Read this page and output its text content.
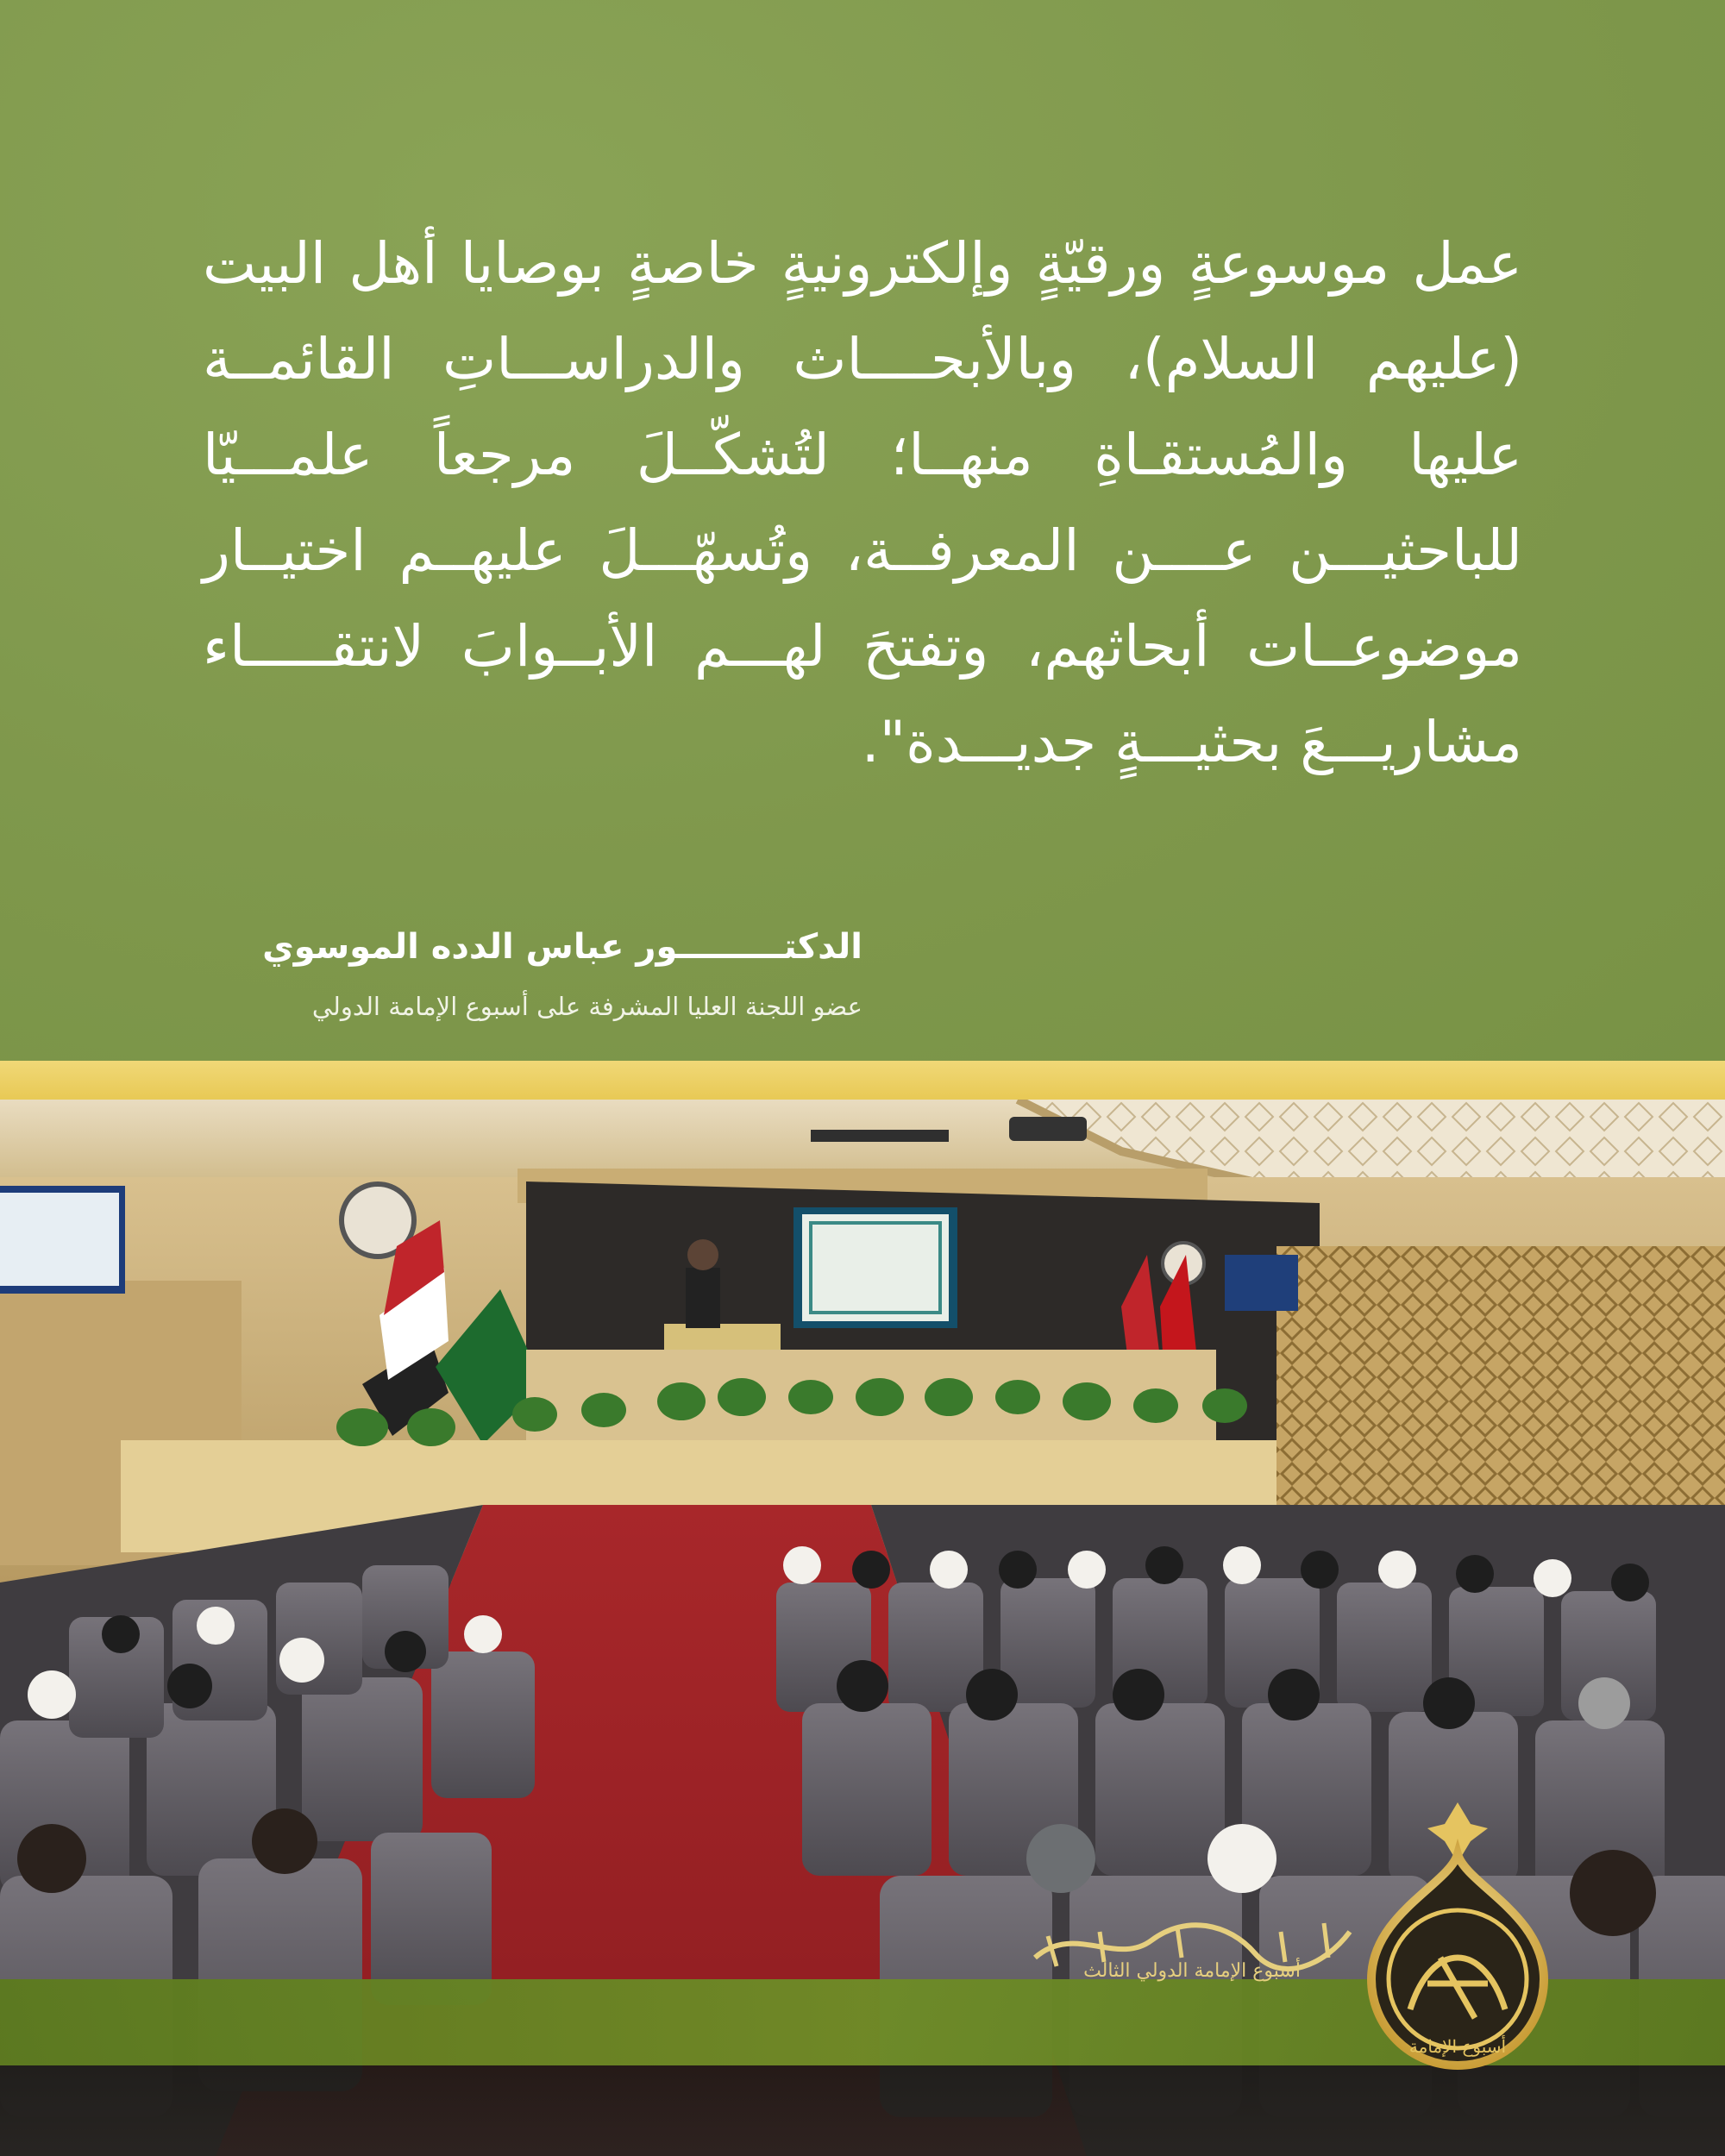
عمل موسوعةٍ ورقيّةٍ وإلكترونيةٍ خاصةٍ بوصايا أهل البيت (عليهم السلام)، وبالأبحــــاث والدراســـاتِ القائمــة عليها والمُستقـاةِ منهــا؛ لتُشكّــلَ مرجعاً علمـــيّا للباحثيـــن عــــن المعرفــة، وتُسهّـــلَ عليهــم اختيــار موضوعــات أبحاثهم، وتفتحَ لهـــم الأبــوابَ لانتقـــــاء مشاريـــعَ بحثيـــةٍ جديـــدة".

الدكتـــــــــور عباس الدده الموسوي
عضو اللجنة العليا المشرفة على أسبوع الإمامة الدولي
أسبوع الإمامة الدولي الثالث
أسبوع الإمامة
